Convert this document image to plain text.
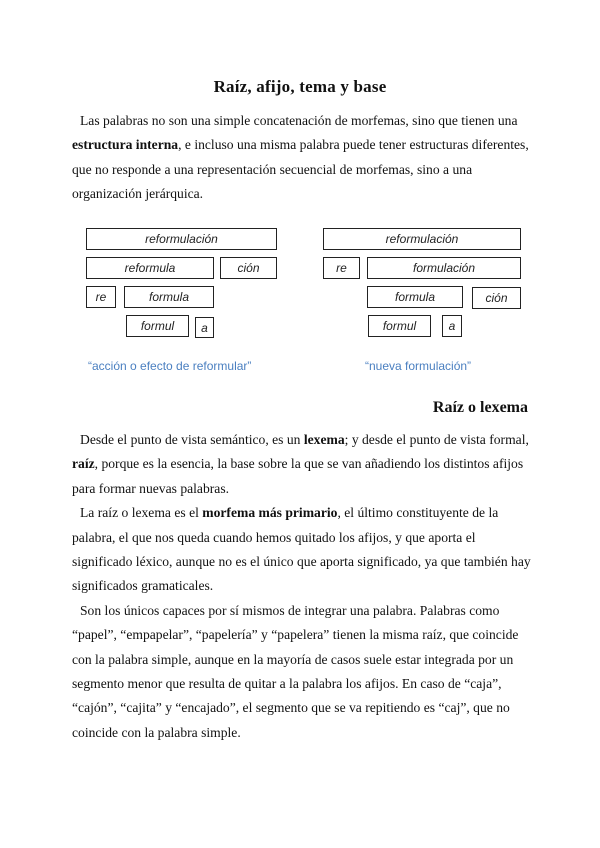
Raíz, afijo, tema y base

Las palabras no son una simple concatenación de morfemas, sino que tienen una estructura interna, e incluso una misma palabra puede tener estructuras diferentes, que no responde a una representación secuencial de morfemas, sino a una organización jerárquica.

reformulación
reformula	ción
re	formula
formul	a
“acción o efecto de reformular”
reformulación
re	formulación
formula	ción
formul	a
“nueva formulación”
Raíz o lexema

Desde el punto de vista semántico, es un lexema; y desde el punto de vista formal, raíz, porque es la esencia, la base sobre la que se van añadiendo los distintos afijos para formar nuevas palabras.

La raíz o lexema es el morfema más primario, el último constituyente de la palabra, el que nos queda cuando hemos quitado los afijos, y que aporta el significado léxico, aunque no es el único que aporta significado, ya que también hay significados gramaticales.

Son los únicos capaces por sí mismos de integrar una palabra. Palabras como “papel”, “empapelar”, “papelería” y “papelera” tienen la misma raíz, que coincide con la palabra simple, aunque en la mayoría de casos suele estar integrada por un segmento menor que resulta de quitar a la palabra los afijos. En caso de “caja”, “cajón”, “cajita” y “encajado”, el segmento que se va repitiendo es “caj”, que no coincide con la palabra simple.
